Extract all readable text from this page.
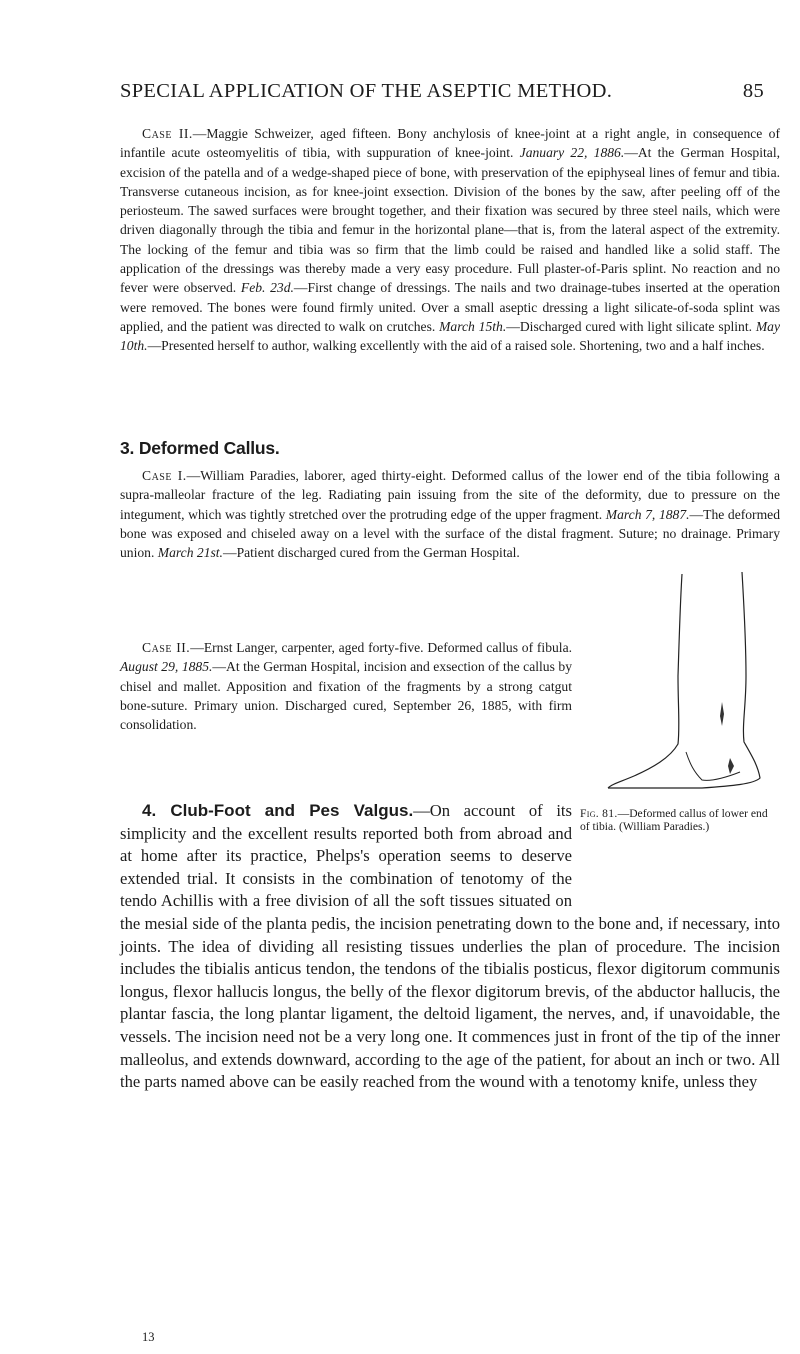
SPECIAL APPLICATION OF THE ASEPTIC METHOD.	85

Case II.—Maggie Schweizer, aged fifteen. Bony anchylosis of knee-joint at a right angle, in consequence of infantile acute osteomyelitis of tibia, with suppuration of knee-joint. January 22, 1886.—At the German Hospital, excision of the patella and of a wedge-shaped piece of bone, with preservation of the epiphyseal lines of femur and tibia. Transverse cutaneous incision, as for knee-joint exsection. Division of the bones by the saw, after peeling off of the periosteum. The sawed surfaces were brought together, and their fixation was secured by three steel nails, which were driven diagonally through the tibia and femur in the horizontal plane—that is, from the lateral aspect of the extremity. The locking of the femur and tibia was so firm that the limb could be raised and handled like a solid staff. The application of the dressings was thereby made a very easy procedure. Full plaster-of-Paris splint. No reaction and no fever were observed. Feb. 23d.—First change of dressings. The nails and two drainage-tubes inserted at the operation were removed. The bones were found firmly united. Over a small aseptic dressing a light silicate-of-soda splint was applied, and the patient was directed to walk on crutches. March 15th.—Discharged cured with light silicate splint. May 10th.—Presented herself to author, walking excellently with the aid of a raised sole. Shortening, two and a half inches.

3. Deformed Callus.

Case I.—William Paradies, laborer, aged thirty-eight. Deformed callus of the lower end of the tibia following a supra-malleolar fracture of the leg. Radiating pain issuing from the site of the deformity, due to pressure on the integument, which was tightly stretched over the protruding edge of the upper fragment. March 7, 1887.—The deformed bone was exposed and chiseled away on a level with the surface of the distal fragment. Suture; no drainage. Primary union. March 21st.—Patient discharged cured from the German Hospital.

Case II.—Ernst Langer, carpenter, aged forty-five. Deformed callus of fibula. August 29, 1885.—At the German Hospital, incision and exsection of the callus by chisel and mallet. Apposition and fixation of the fragments by a strong catgut bone-suture. Primary union. Discharged cured, September 26, 1885, with firm consolidation.

Fig. 81.—Deformed callus of lower end of tibia. (William Paradies.)

4. Club-Foot and Pes Valgus.—On account of its simplicity and the excellent results reported both from abroad and at home after its practice, Phelps's operation seems to deserve extended trial. It consists in the combination of tenotomy of the tendo Achillis with a free division of all the soft tissues situated on the mesial side of the planta pedis, the incision penetrating down to the bone and, if necessary, into joints. The idea of dividing all resisting tissues underlies the plan of procedure. The incision includes the tibialis anticus tendon, the tendons of the tibialis posticus, flexor digitorum communis longus, flexor hallucis longus, the belly of the flexor digitorum brevis, of the abductor hallucis, the plantar fascia, the long plantar ligament, the deltoid ligament, the nerves, and, if unavoidable, the vessels. The incision need not be a very long one. It commences just in front of the tip of the inner malleolus, and extends downward, according to the age of the patient, for about an inch or two. All the parts named above can be easily reached from the wound with a tenotomy knife, unless they

13
